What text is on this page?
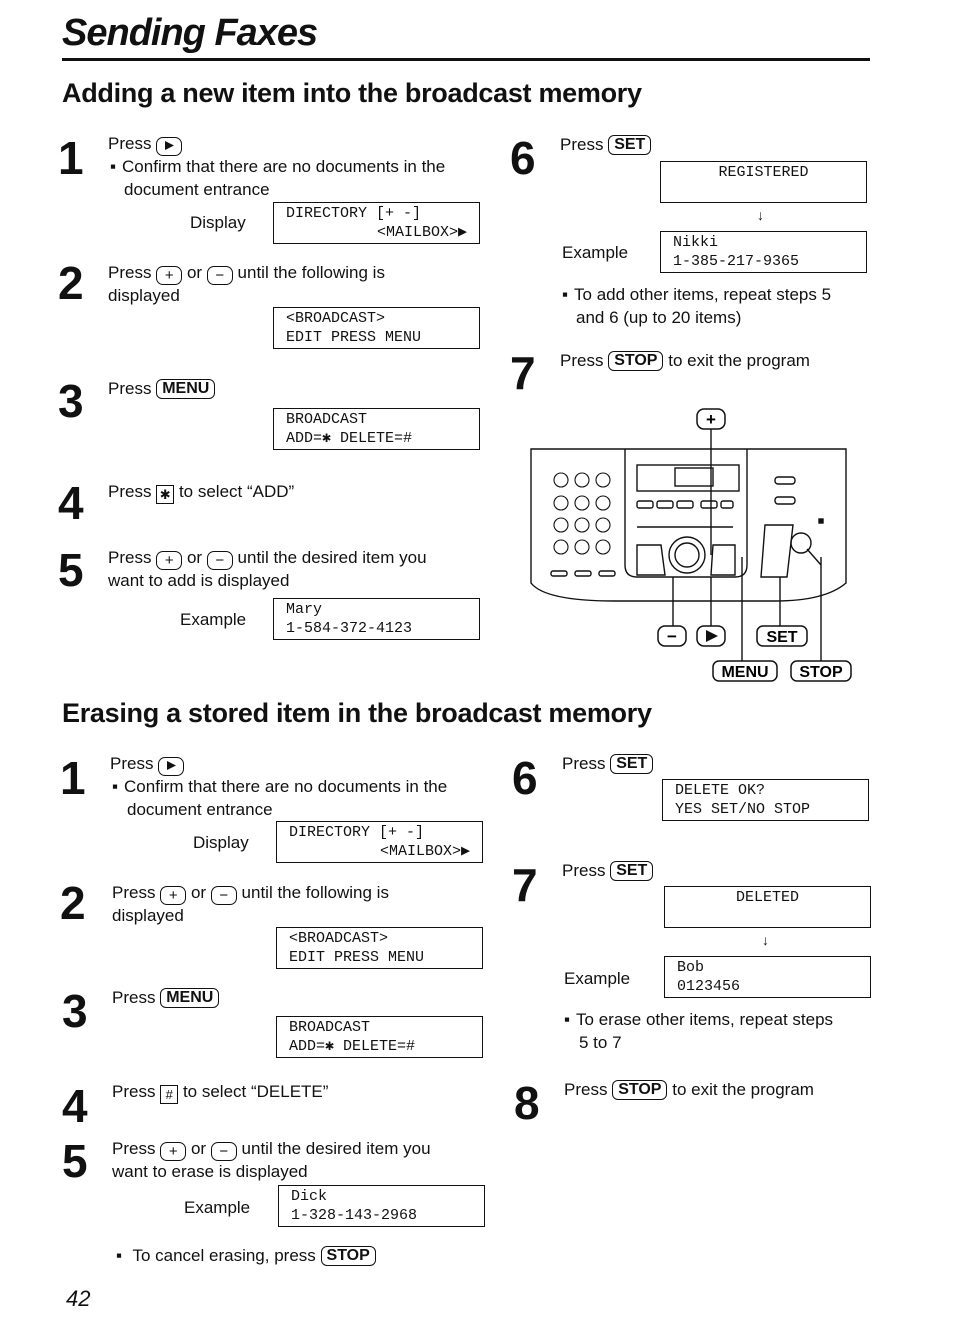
Sending Faxes
Adding a new item into the broadcast memory
1 Press
▪ Confirm that there are no documents in the
document entrance
Display	DIRECTORY [+ -]
<MAILBOX>▶
2 Press + or − until the following is
displayed
<BROADCAST>
EDIT PRESS MENU
3 Press MENU
BROADCAST
ADD=✱ DELETE=#
4 Press ✱ to select “ADD”
5 Press + or − until the desired item you
want to add is displayed
Example
Mary
1-584-372-4123
6 Press SET
REGISTERED
↓
Example
Nikki
1-385-217-9365
▪ To add other items, repeat steps 5
and 6 (up to 20 items)
7 Press STOP to exit the program
+
−	SET
MENU STOP
Erasing a stored item in the broadcast memory
1 Press
▪ Confirm that there are no documents in the
document entrance
Display
DIRECTORY [+ -]
<MAILBOX>▶
2 Press + or − until the following is
displayed
<BROADCAST>
EDIT PRESS MENU
3 Press MENU
BROADCAST
ADD=✱ DELETE=#
4 Press # to select “DELETE”
5 Press + or − until the desired item you
want to erase is displayed
Example
Dick
1-328-143-2968
▪ To cancel erasing, press STOP
6 Press SET
DELETE OK?
YES SET/NO STOP
7 Press SET
DELETED
↓
Example
Bob
0123456
▪ To erase other items, repeat steps
5 to 7
8 Press STOP to exit the program
42
